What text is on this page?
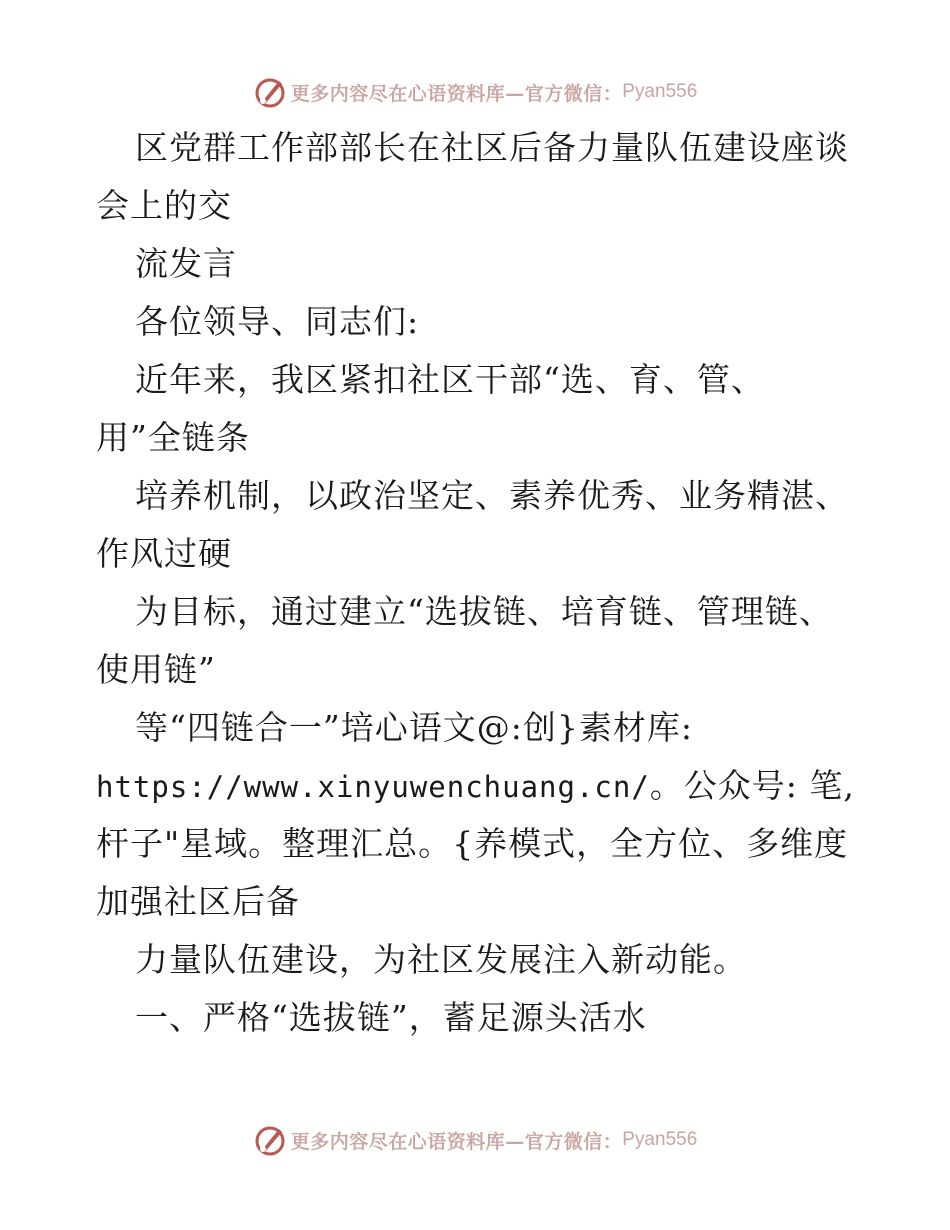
更多内容尽在心语资料库—官方微信： Pyan556
区党群工作部部长在社区后备力量队伍建设座谈
会上的交
流发言
各位领导、同志们:
近年来，我区紧扣社区干部“选、育、管、
用”全链条
培养机制，以政治坚定、素养优秀、业务精湛、
作风过硬
为目标，通过建立“选拔链、培育链、管理链、
使用链”
等“四链合一”培心语文@:创}素材库:
https://www.xinyuwenchuang.cn/。公众号: 笔,
杆子"星域。整理汇总。{养模式，全方位、多维度
加强社区后备
力量队伍建设，为社区发展注入新动能。
一、严格“选拔链”，蓄足源头活水
更多内容尽在心语资料库—官方微信： Pyan556
